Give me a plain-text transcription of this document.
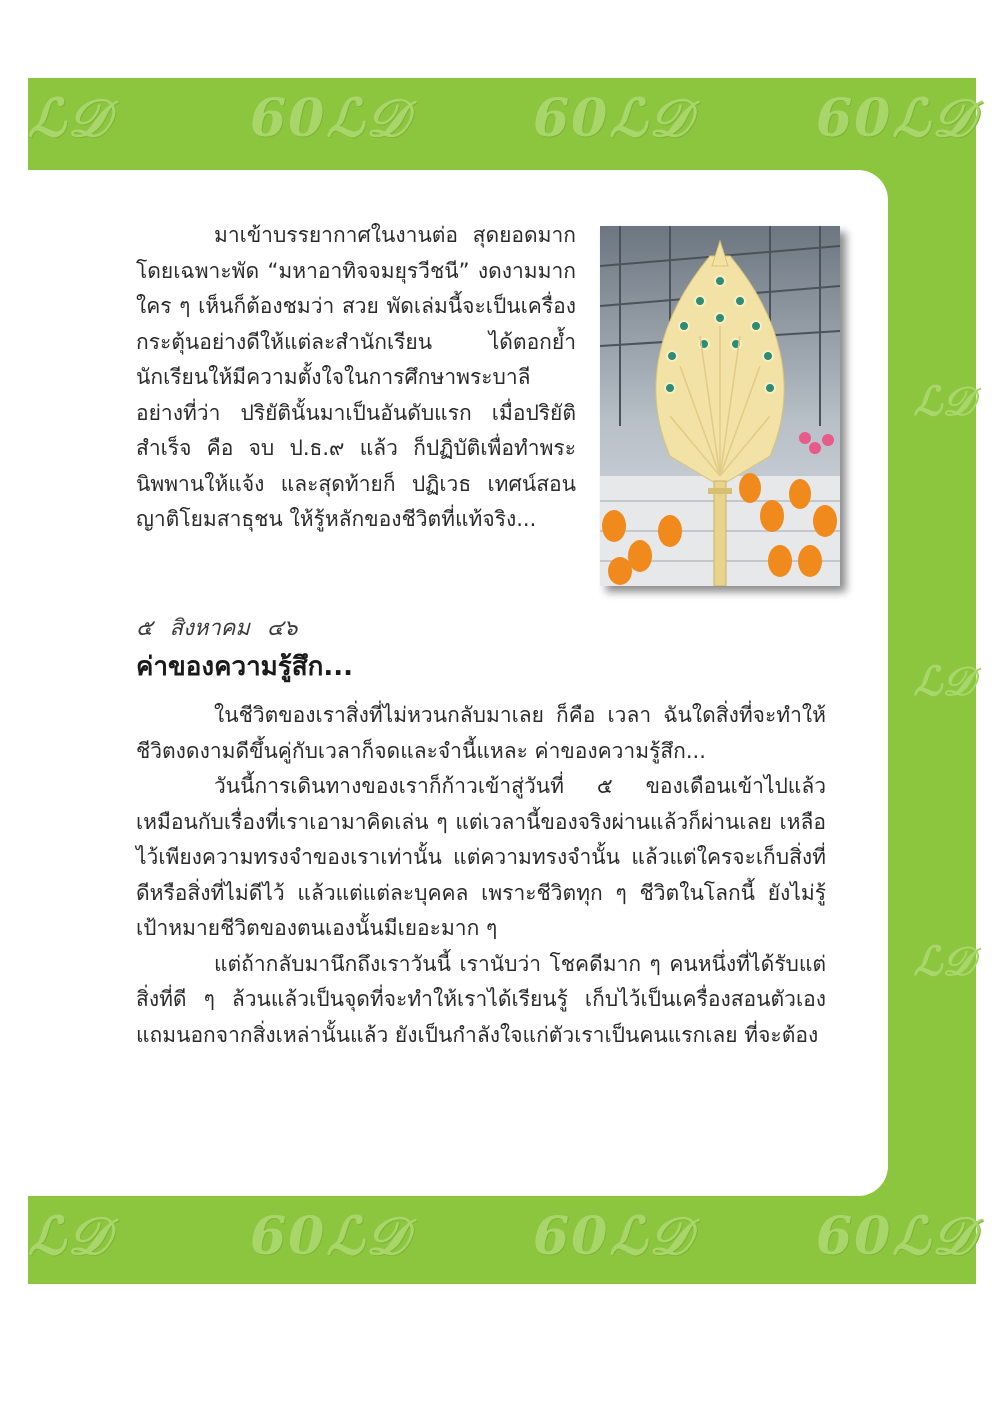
ℒ𝒟	60ℒ𝒟 60ℒ𝒟 60ℒ𝒟
ℒ𝒟
ℒ𝒟
ℒ𝒟
ℒ𝒟	60ℒ𝒟 60ℒ𝒟 60ℒ𝒟
มาเข้าบรรยากาศในงานต่อ สุดยอดมาก โดยเฉพาะพัด “มหาอาทิจจมยุรวีชนี” งดงามมาก ใคร ๆ เห็นก็ต้องชมว่า สวย พัดเล่มนี้จะเป็นเครื่องกระตุ้นอย่างดีให้แต่ละสำนักเรียน ได้ตอกย้ำนักเรียนให้มีความตั้งใจในการศึกษาพระบาลี อย่างที่ว่า ปริยัตินั้นมาเป็นอันดับแรก เมื่อปริยัติสำเร็จ คือ จบ ป.ธ.๙ แล้ว ก็ปฏิบัติเพื่อทำพระนิพพานให้แจ้ง และสุดท้ายก็ ปฏิเวธ เทศน์สอนญาติโยมสาธุชน ให้รู้หลักของชีวิตที่แท้จริง...
๕ สิงหาคม ๔๖
ค่าของความรู้สึก...

ในชีวิตของเราสิ่งที่ไม่หวนกลับมาเลย ก็คือ เวลา ฉันใดสิ่งที่จะทำให้ชีวิตงดงามดีขึ้นคู่กับเวลาก็จดและจำนี้แหละ ค่าของความรู้สึก...

วันนี้การเดินทางของเราก็ก้าวเข้าสู่วันที่ ๕ ของเดือนเข้าไปแล้ว เหมือนกับเรื่องที่เราเอามาคิดเล่น ๆ แต่เวลานี้ของจริงผ่านแล้วก็ผ่านเลย เหลือไว้เพียงความทรงจำของเราเท่านั้น แต่ความทรงจำนั้น แล้วแต่ใครจะเก็บสิ่งที่ดีหรือสิ่งที่ไม่ดีไว้ แล้วแต่แต่ละบุคคล เพราะชีวิตทุก ๆ ชีวิตในโลกนี้ ยังไม่รู้เป้าหมายชีวิตของตนเองนั้นมีเยอะมาก ๆ

แต่ถ้ากลับมานึกถึงเราวันนี้ เรานับว่า โชคดีมาก ๆ คนหนึ่งที่ได้รับแต่สิ่งที่ดี ๆ ล้วนแล้วเป็นจุดที่จะทำให้เราได้เรียนรู้ เก็บไว้เป็นเครื่องสอนตัวเอง แถมนอกจากสิ่งเหล่านั้นแล้ว ยังเป็นกำลังใจแก่ตัวเราเป็นคนแรกเลย ที่จะต้อง
